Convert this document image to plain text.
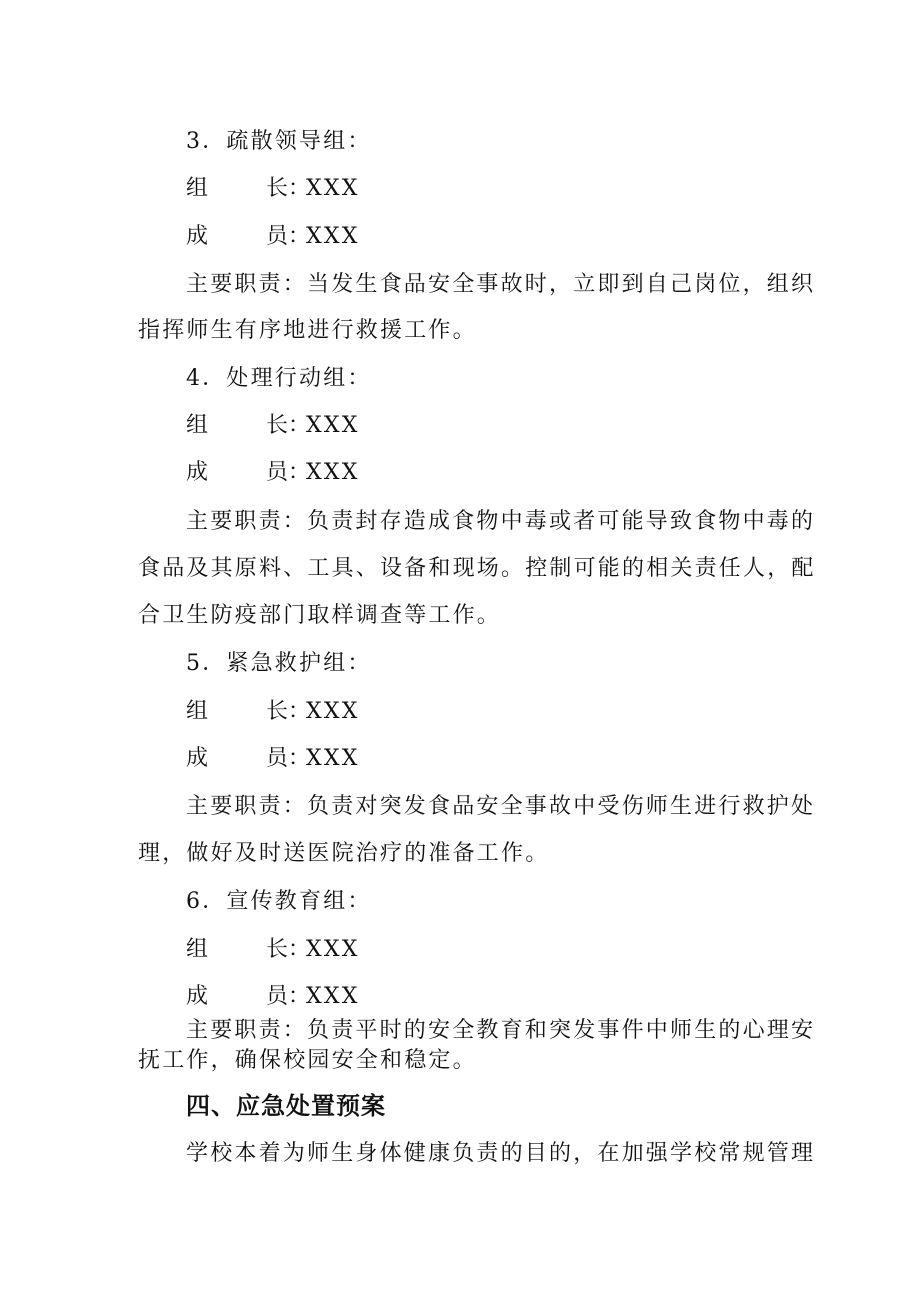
3．疏散领导组：
组	长：XXX
成	员：XXX
主要职责：当发生食品安全事故时，立即到自己岗位，组织
指挥师生有序地进行救援工作。
4．处理行动组：
组	长：XXX
成	员：XXX
主要职责：负责封存造成食物中毒或者可能导致食物中毒的
食品及其原料、工具、设备和现场。控制可能的相关责任人，配
合卫生防疫部门取样调查等工作。
5．紧急救护组：
组	长：XXX
成	员：XXX
主要职责：负责对突发食品安全事故中受伤师生进行救护处
理，做好及时送医院治疗的准备工作。
6．宣传教育组：
组	长：XXX
成	员：XXX
主要职责：负责平时的安全教育和突发事件中师生的心理安
抚工作，确保校园安全和稳定。
四、应急处置预案
学校本着为师生身体健康负责的目的，在加强学校常规管理
